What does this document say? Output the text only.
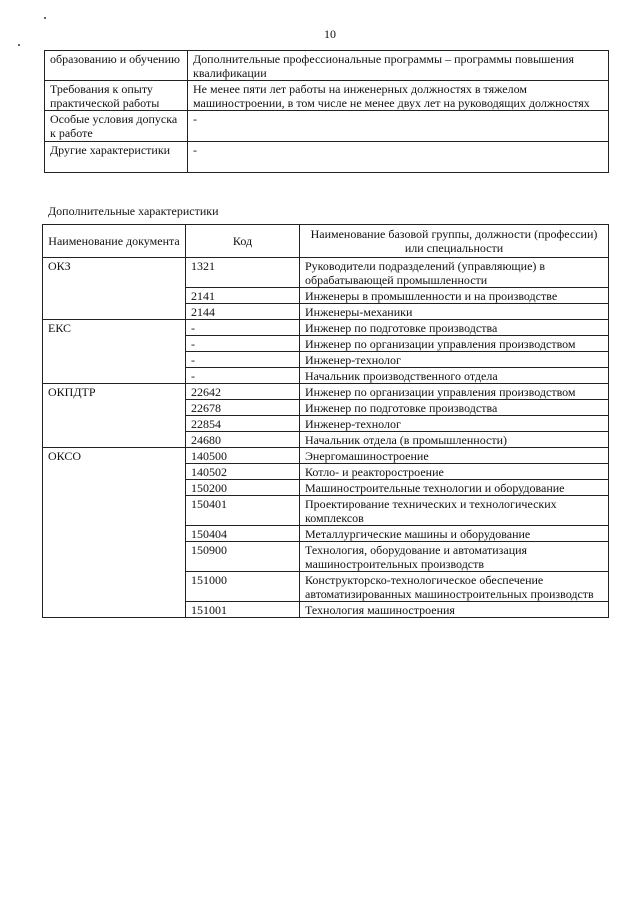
10
образованию и обучению	Дополнительные профессиональные программы – программы повышения квалификации
Требования к опыту практической работы	Не менее пяти лет работы на инженерных должностях в тяжелом машиностроении, в том числе не менее двух лет на руководящих должностях
Особые условия допуска к работе	-
Другие характеристики	-
Дополнительные характеристики
Наименование документа	Код	Наименование базовой группы, должности (профессии) или специальности
ОКЗ	1321	Руководители подразделений (управляющие) в обрабатывающей промышленности
	2141	Инженеры в промышленности и на производстве
	2144	Инженеры-механики
ЕКС	-	Инженер по подготовке производства
	-	Инженер по организации управления производством
	-	Инженер-технолог
	-	Начальник производственного отдела
ОКПДТР	22642	Инженер по организации управления производством
	22678	Инженер по подготовке производства
	22854	Инженер-технолог
	24680	Начальник отдела (в промышленности)
ОКСО	140500	Энергомашиностроение
	140502	Котло- и реакторостроение
	150200	Машиностроительные технологии и оборудование
	150401	Проектирование технических и технологических комплексов
	150404	Металлургические машины и оборудование
	150900	Технология, оборудование и автоматизация машиностроительных производств
	151000	Конструкторско-технологическое обеспечение автоматизированных машиностроительных производств
	151001	Технология машиностроения
